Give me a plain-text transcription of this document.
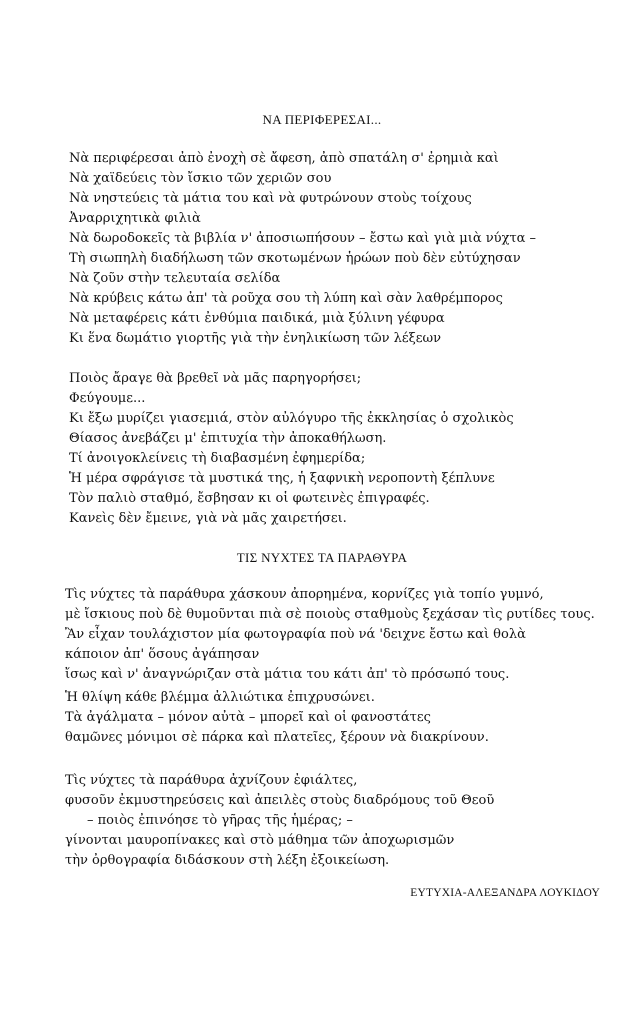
ΝΑ ΠΕΡΙΦΕΡΕΣΑΙ...
Νὰ περιφέρεσαι ἀπὸ ἐνοχὴ σὲ ἄφεση, ἀπὸ σπατάλη σ' ἐρημιὰ καὶ
Νὰ χαϊδεύεις τὸν ἴσκιο τῶν χεριῶν σου
Νὰ νηστεύεις τὰ μάτια του καὶ νὰ φυτρώνουν στοὺς τοίχους
Ἀναρριχητικὰ φιλιὰ
Νὰ δωροδοκεῖς τὰ βιβλία ν' ἀποσιωπήσουν – ἔστω καὶ γιὰ μιὰ νύχτα –
Τὴ σιωπηλὴ διαδήλωση τῶν σκοτωμένων ἡρώων ποὺ δὲν εὐτύχησαν
Νὰ ζοῦν στὴν τελευταία σελίδα
Νὰ κρύβεις κάτω ἀπ' τὰ ροῦχα σου τὴ λύπη καὶ σὰν λαθρέμπορος
Νὰ μεταφέρεις κάτι ἐνθύμια παιδικά, μιὰ ξύλινη γέφυρα
Κι ἕνα δωμάτιο γιορτῆς γιὰ τὴν ἐνηλικίωση τῶν λέξεων
Ποιὸς ἄραγε θὰ βρεθεῖ νὰ μᾶς παρηγορήσει;
Φεύγουμε...
Κι ἔξω μυρίζει γιασεμιά, στὸν αὐλόγυρο τῆς ἐκκλησίας ὁ σχολικὸς
Θίασος ἀνεβάζει μ' ἐπιτυχία τὴν ἀποκαθήλωση.
Τί ἀνοιγοκλείνεις τὴ διαβασμένη ἐφημερίδα;
Ἡ μέρα σφράγισε τὰ μυστικά της, ἡ ξαφνικὴ νεροποντὴ ξέπλυνε
Τὸν παλιὸ σταθμό, ἔσβησαν κι οἱ φωτεινὲς ἐπιγραφές.
Κανεὶς δὲν ἔμεινε, γιὰ νὰ μᾶς χαιρετήσει.
ΤΙΣ ΝΥΧΤΕΣ ΤΑ ΠΑΡΑΘΥΡΑ
Τὶς νύχτες τὰ παράθυρα χάσκουν ἀπορημένα, κορνίζες γιὰ τοπίο γυμνό,
μὲ ἴσκιους ποὺ δὲ θυμοῦνται πιὰ σὲ ποιοὺς σταθμοὺς ξεχάσαν τὶς ρυτίδες τους.
Ἂν εἶχαν τουλάχιστον μία φωτογραφία ποὺ νά 'δειχνε ἔστω καὶ θολὰ
κάποιον ἀπ' ὅσους ἀγάπησαν
ἴσως καὶ ν' ἀναγνώριζαν στὰ μάτια του κάτι ἀπ' τὸ πρόσωπό τους.
Ἡ θλίψη κάθε βλέμμα ἀλλιώτικα ἐπιχρυσώνει.
Τὰ ἀγάλματα – μόνον αὐτὰ – μπορεῖ καὶ οἱ φανοστάτες
θαμῶνες μόνιμοι σὲ πάρκα καὶ πλατεῖες, ξέρουν νὰ διακρίνουν.
Τὶς νύχτες τὰ παράθυρα ἀχνίζουν ἐφιάλτες,
φυσοῦν ἐκμυστηρεύσεις καὶ ἀπειλὲς στοὺς διαδρόμους τοῦ Θεοῦ
– ποιὸς ἐπινόησε τὸ γῆρας τῆς ἡμέρας; –
γίνονται μαυροπίνακες καὶ στὸ μάθημα τῶν ἀποχωρισμῶν
τὴν ὀρθογραφία διδάσκουν στὴ λέξη ἐξοικείωση.
ΕΥΤΥΧΙΑ-ΑΛΕΞΑΝΔΡΑ ΛΟΥΚΙΔΟΥ
